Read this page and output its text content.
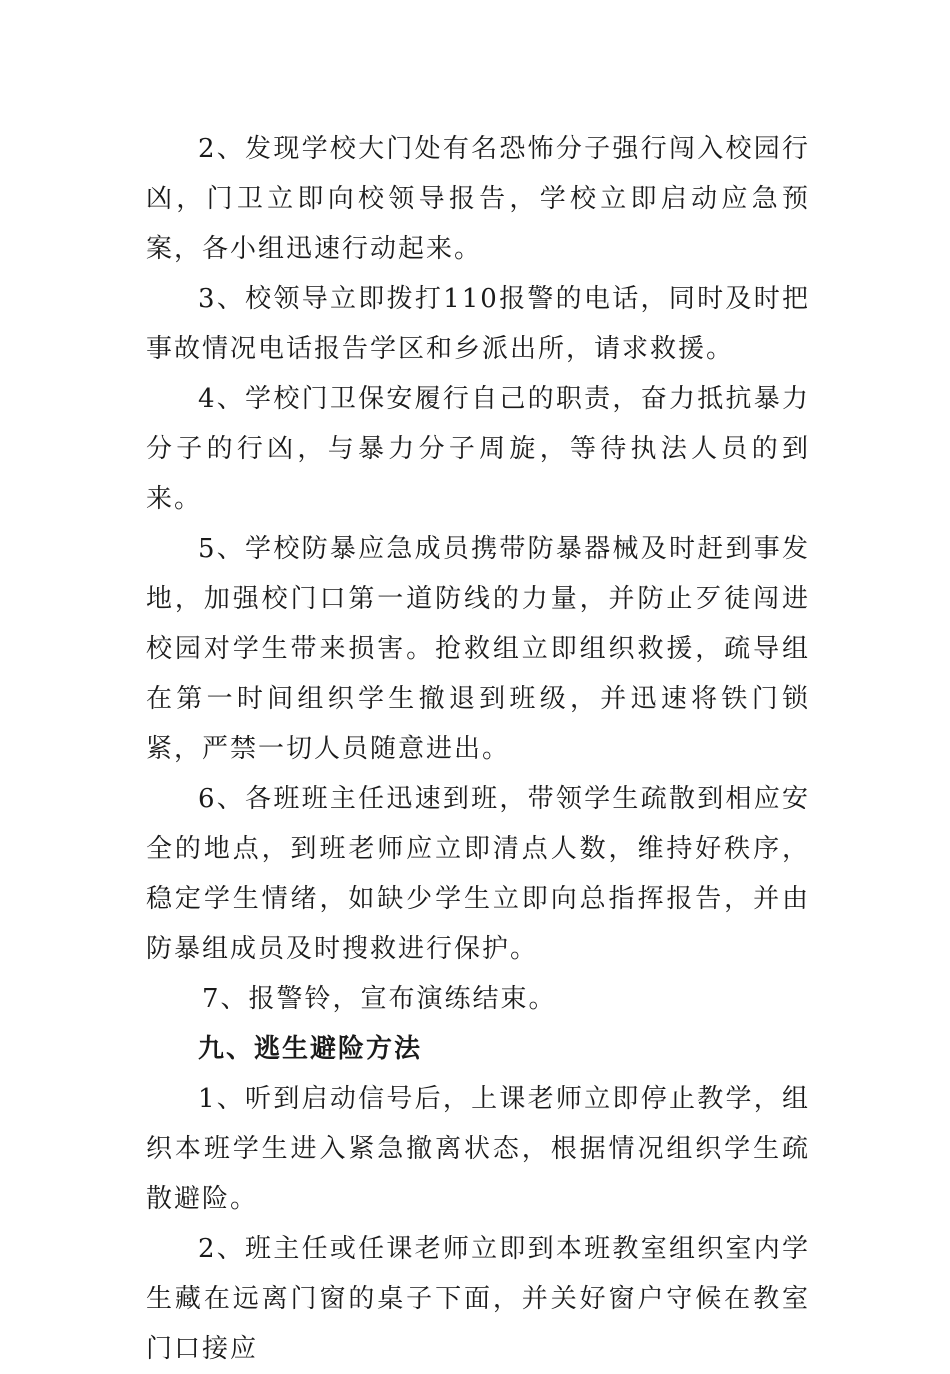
2、发现学校大门处有名恐怖分子强行闯入校园行凶，门卫立即向校领导报告，学校立即启动应急预案，各小组迅速行动起来。

3、校领导立即拨打110报警的电话，同时及时把事故情况电话报告学区和乡派出所，请求救援。

4、学校门卫保安履行自己的职责，奋力抵抗暴力分子的行凶，与暴力分子周旋，等待执法人员的到来。

5、学校防暴应急成员携带防暴器械及时赶到事发地，加强校门口第一道防线的力量，并防止歹徒闯进校园对学生带来损害。抢救组立即组织救援，疏导组在第一时间组织学生撤退到班级，并迅速将铁门锁紧，严禁一切人员随意进出。

6、各班班主任迅速到班，带领学生疏散到相应安全的地点，到班老师应立即清点人数，维持好秩序，稳定学生情绪，如缺少学生立即向总指挥报告，并由防暴组成员及时搜救进行保护。

7、报警铃，宣布演练结束。

九、逃生避险方法

1、听到启动信号后，上课老师立即停止教学，组织本班学生进入紧急撤离状态，根据情况组织学生疏散避险。

2、班主任或任课老师立即到本班教室组织室内学生藏在远离门窗的桌子下面，并关好窗户守候在教室门口接应
